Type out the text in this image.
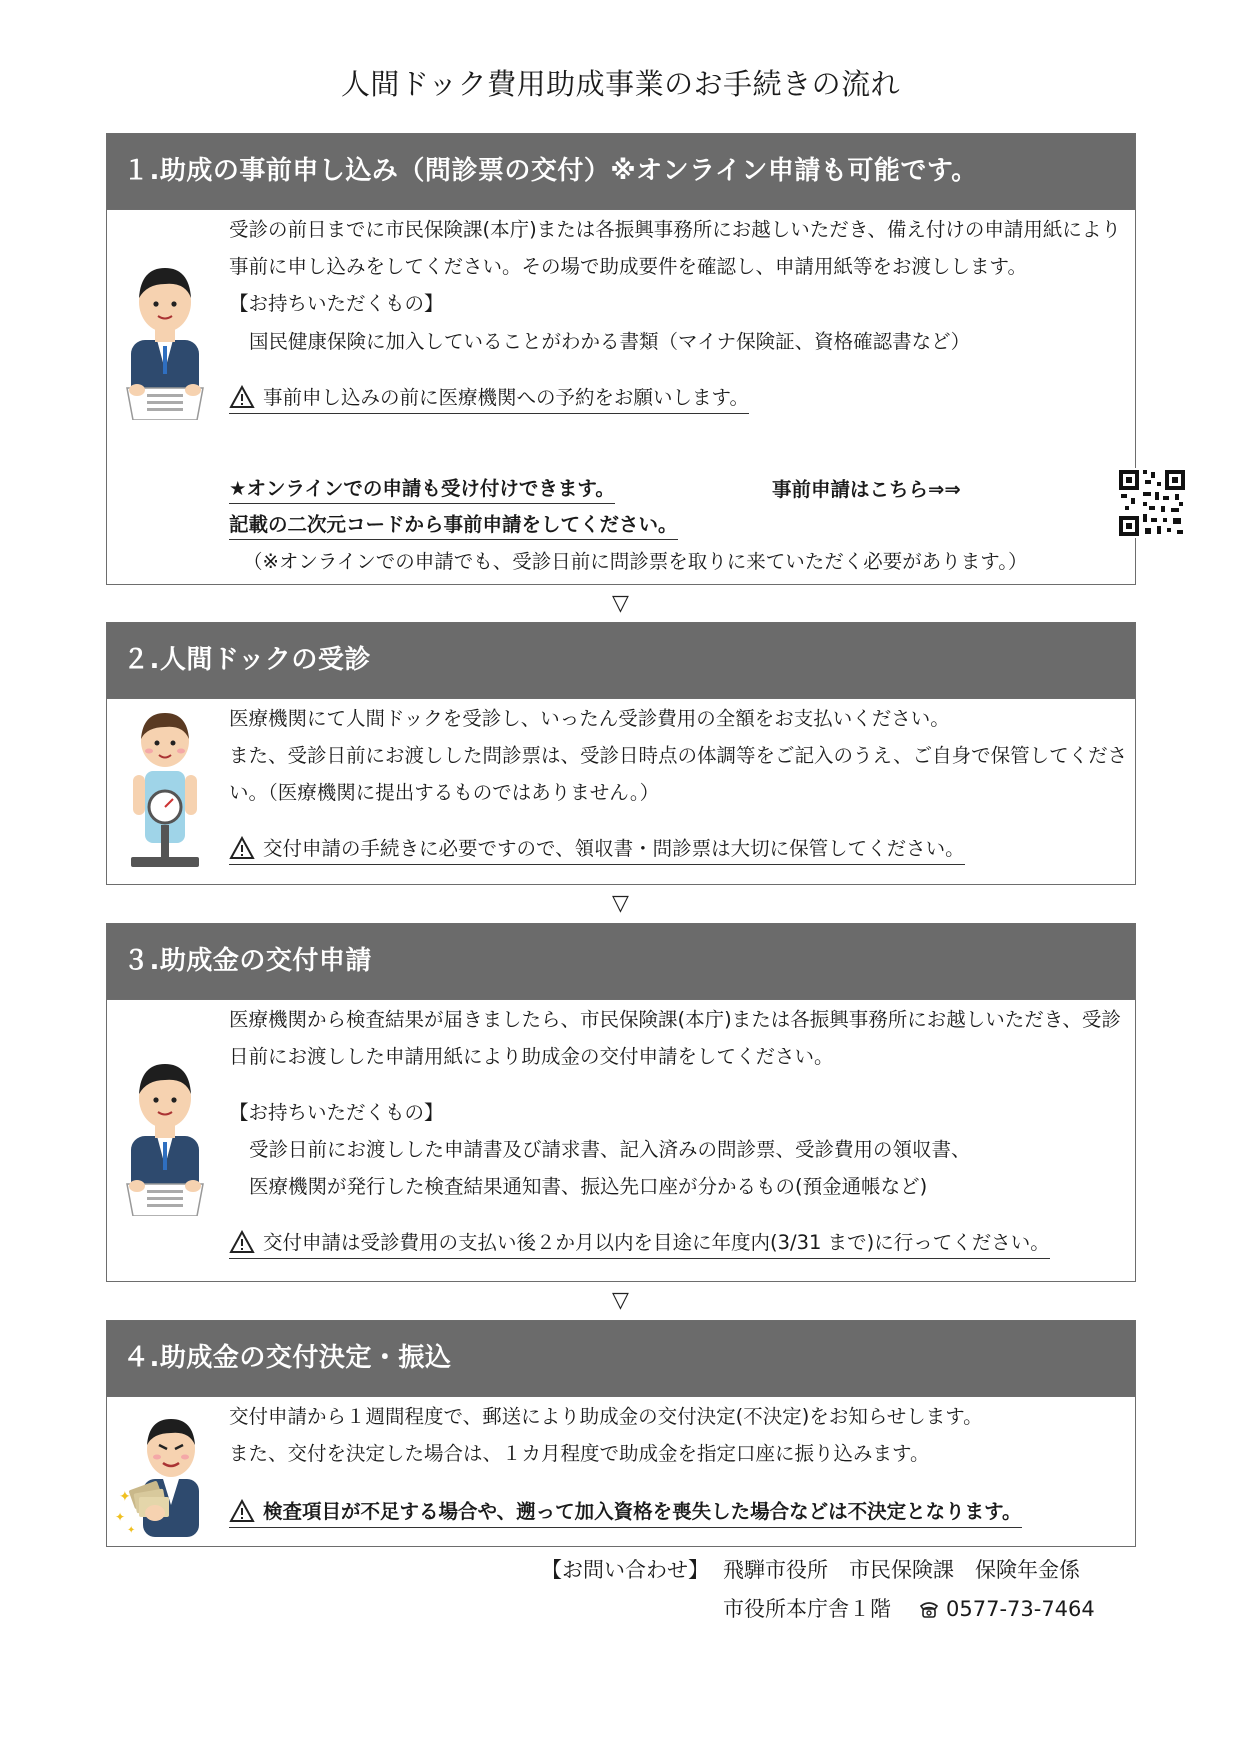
人間ドック費用助成事業のお手続きの流れ
１.助成の事前申し込み（問診票の交付）※オンライン申請も可能です。
受診の前日までに市民保険課(本庁)または各振興事務所にお越しいただき、備え付けの申請用紙により
事前に申し込みをしてください。その場で助成要件を確認し、申請用紙等をお渡しします。
【お持ちいただくもの】
国民健康保険に加入していることがわかる書類（マイナ保険証、資格確認書など）
事前申し込みの前に医療機関への予約をお願いします。
★オンラインでの申請も受け付けできます。
記載の二次元コードから事前申請をしてください。
事前申請はこちら⇒⇒
（※オンラインでの申請でも、受診日前に問診票を取りに来ていただく必要があります。）
▽
２.人間ドックの受診
医療機関にて人間ドックを受診し、いったん受診費用の全額をお支払いください。
また、受診日前にお渡しした問診票は、受診日時点の体調等をご記入のうえ、ご自身で保管してくださ
い。（医療機関に提出するものではありません。）
交付申請の手続きに必要ですので、領収書・問診票は大切に保管してください。
▽
３.助成金の交付申請
医療機関から検査結果が届きましたら、市民保険課(本庁)または各振興事務所にお越しいただき、受診
日前にお渡しした申請用紙により助成金の交付申請をしてください。
【お持ちいただくもの】
受診日前にお渡しした申請書及び請求書、記入済みの問診票、受診費用の領収書、
医療機関が発行した検査結果通知書、振込先口座が分かるもの(預金通帳など)
交付申請は受診費用の支払い後２か月以内を目途に年度内(3/31 まで)に行ってください。
▽
４.助成金の交付決定・振込
✦
✦
✦
交付申請から１週間程度で、郵送により助成金の交付決定(不決定)をお知らせします。
また、交付を決定した場合は、１カ月程度で助成金を指定口座に振り込みます。
検査項目が不足する場合や、遡って加入資格を喪失した場合などは不決定となります。
【お問い合わせ】 飛騨市役所　市民保険課　保険年金係
市役所本庁舎１階	0577-73-7464
